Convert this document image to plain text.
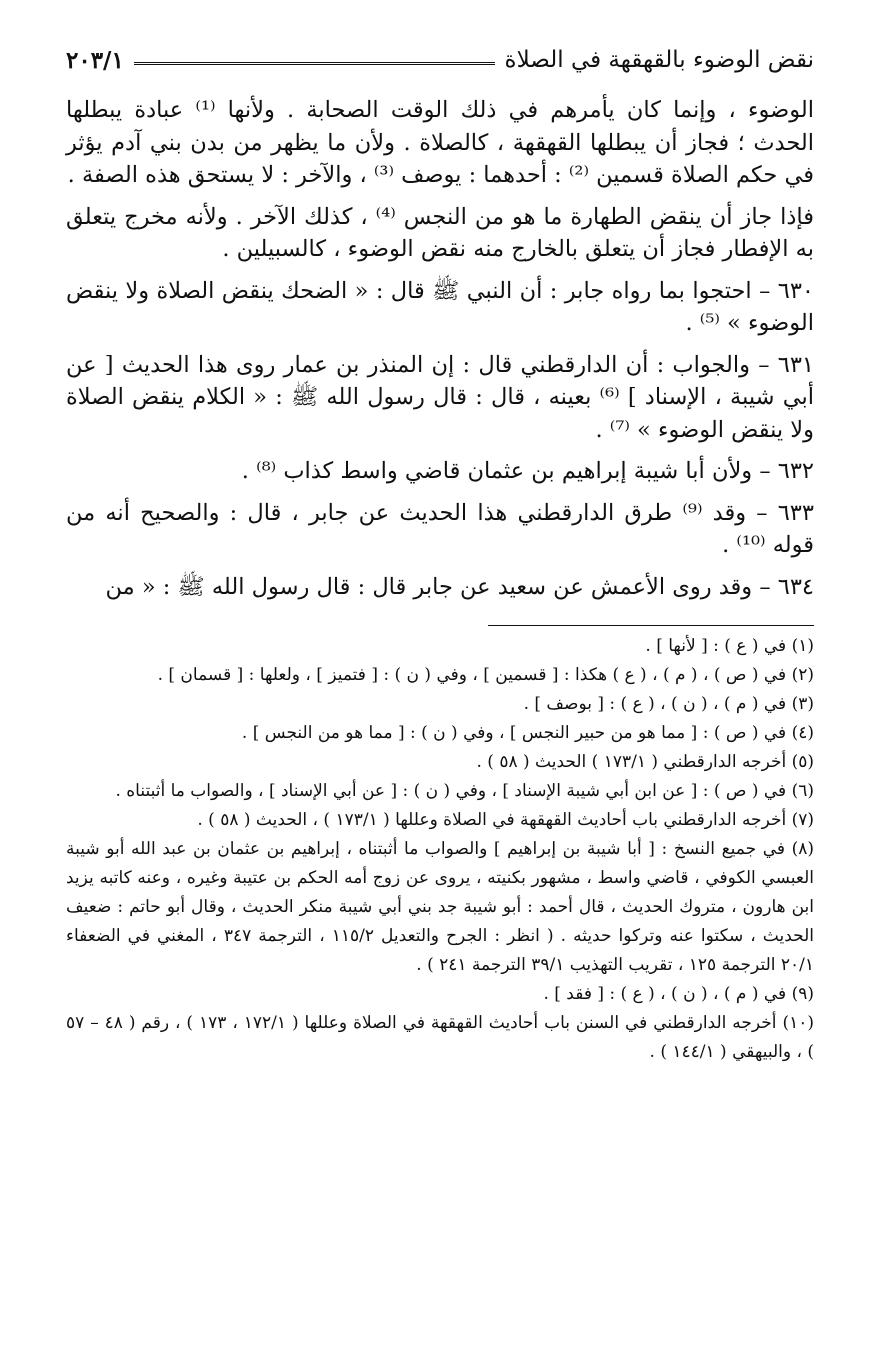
نقض الوضوء بالقهقهة في الصلاة
٢٠٣/١

الوضوء ، وإنما كان يأمرهم في ذلك الوقت الصحابة . ولأنها ⁽¹⁾ عبادة يبطلها الحدث ؛ فجاز أن يبطلها القهقهة ، كالصلاة . ولأن ما يظهر من بدن بني آدم يؤثر في حكم الصلاة قسمين ⁽²⁾ : أحدهما : يوصف ⁽³⁾ ، والآخر : لا يستحق هذه الصفة .

فإذا جاز أن ينقض الطهارة ما هو من النجس ⁽⁴⁾ ، كذلك الآخر . ولأنه مخرج يتعلق به الإفطار فجاز أن يتعلق بالخارج منه نقض الوضوء ، كالسبيلين .

٦٣٠ – احتجوا بما رواه جابر : أن النبي ﷺ قال : « الضحك ينقض الصلاة ولا ينقض الوضوء » ⁽⁵⁾ .

٦٣١ – والجواب : أن الدارقطني قال : إن المنذر بن عمار روى هذا الحديث [ عن أبي شيبة ، الإسناد ] ⁽⁶⁾ بعينه ، قال : قال رسول الله ﷺ : « الكلام ينقض الصلاة ولا ينقض الوضوء » ⁽⁷⁾ .

٦٣٢ – ولأن أبا شيبة إبراهيم بن عثمان قاضي واسط كذاب ⁽⁸⁾ .

٦٣٣ – وقد ⁽⁹⁾ طرق الدارقطني هذا الحديث عن جابر ، قال : والصحيح أنه من قوله ⁽¹⁰⁾ .

٦٣٤ – وقد روى الأعمش عن سعيد عن جابر قال : قال رسول الله ﷺ : « من

(١) في ( ع ) : [ لأنها ] .

(٢) في ( ص ) ، ( م ) ، ( ع ) هكذا : [ قسمين ] ، وفي ( ن ) : [ فتميز ] ، ولعلها : [ قسمان ] .

(٣) في ( م ) ، ( ن ) ، ( ع ) : [ بوصف ] .

(٤) في ( ص ) : [ مما هو من حبير النجس ] ، وفي ( ن ) : [ مما هو من النجس ] .

(٥) أخرجه الدارقطني ( ١٧٣/١ ) الحديث ( ٥٨ ) .

(٦) في ( ص ) : [ عن ابن أبي شيبة الإسناد ] ، وفي ( ن ) : [ عن أبي الإسناد ] ، والصواب ما أثبتناه .

(٧) أخرجه الدارقطني باب أحاديث القهقهة في الصلاة وعللها ( ١٧٣/١ ) ، الحديث ( ٥٨ ) .

(٨) في جميع النسخ : [ أبا شيبة بن إبراهيم ] والصواب ما أثبتناه ، إبراهيم بن عثمان بن عبد الله أبو شيبة العبسي الكوفي ، قاضي واسط ، مشهور بكنيته ، يروى عن زوج أمه الحكم بن عتيبة وغيره ، وعنه كاتبه يزيد ابن هارون ، متروك الحديث ، قال أحمد : أبو شيبة جد بني أبي شيبة منكر الحديث ، وقال أبو حاتم : ضعيف الحديث ، سكتوا عنه وتركوا حديثه . ( انظر : الجرح والتعديل ١١٥/٢ ، الترجمة ٣٤٧ ، المغني في الضعفاء ٢٠/١ الترجمة ١٢٥ ، تقريب التهذيب ٣٩/١ الترجمة ٢٤١ ) .

(٩) في ( م ) ، ( ن ) ، ( ع ) : [ فقد ] .

(١٠) أخرجه الدارقطني في السنن باب أحاديث القهقهة في الصلاة وعللها ( ١٧٢/١ ، ١٧٣ ) ، رقم ( ٤٨ – ٥٧ ) ، والبيهقي ( ١٤٤/١ ) .
